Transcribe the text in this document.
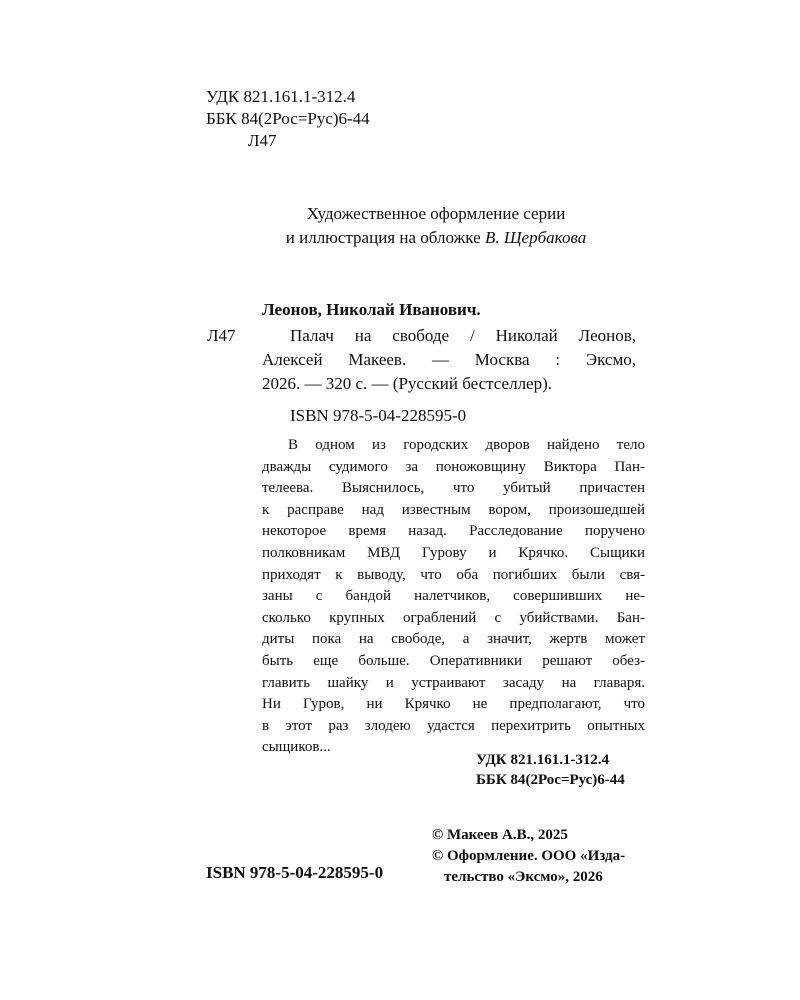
УДК 821.161.1-312.4
ББК 84(2Рос=Рус)6-44
Л47
Художественное оформление серии
и иллюстрация на обложке В. Щербакова
Леонов, Николай Иванович.
Л47	Палач на свободе / Николай Леонов,
Алексей Макеев. — Москва : Эксмо,
2026. — 320 с. — (Русский бестселлер).
ISBN 978-5-04-228595-0
В одном из городских дворов найдено тело
дважды судимого за поножовщину Виктора Пан-
телеева. Выяснилось, что убитый причастен
к расправе над известным вором, произошедшей
некоторое время назад. Расследование поручено
полковникам МВД Гурову и Крячко. Сыщики
приходят к выводу, что оба погибших были свя-
заны с бандой налетчиков, совершивших не-
сколько крупных ограблений с убийствами. Бан-
диты пока на свободе, а значит, жертв может
быть еще больше. Оперативники решают обез-
главить шайку и устраивают засаду на главаря.
Ни Гуров, ни Крячко не предполагают, что
в этот раз злодею удастся перехитрить опытных
сыщиков...
УДК 821.161.1-312.4
ББК 84(2Рос=Рус)6-44
ISBN 978-5-04-228595-0
© Макеев А.В., 2025
© Оформление. ООО «Изда-
тельство «Эксмо», 2026
